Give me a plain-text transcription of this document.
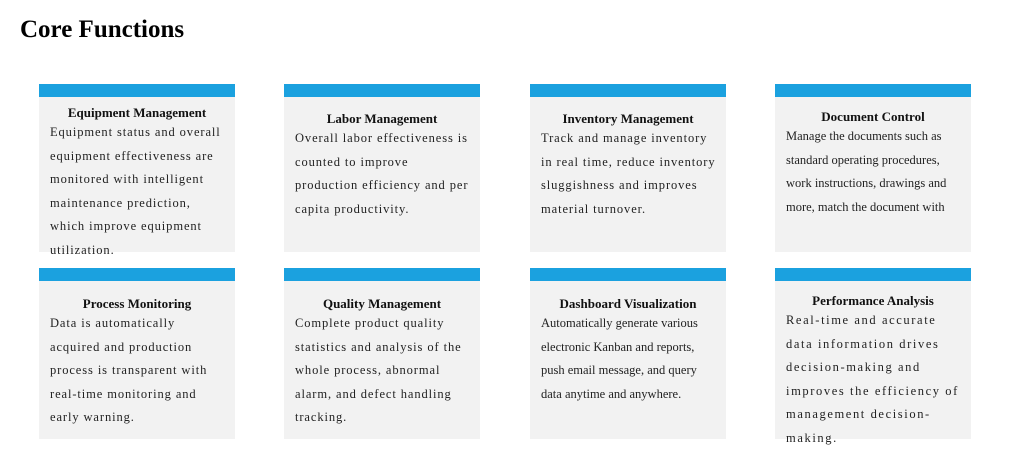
Core Functions
Equipment Management

Equipment status and overall equipment effectiveness are monitored with intelligent maintenance prediction, which improve equipment utilization.

Labor Management

Overall labor effectiveness is counted to improve production efficiency and per capita productivity.

Inventory Management

Track and manage inventory in real time, reduce inventory sluggishness and improves material turnover.

Document Control

Manage the documents such as standard operating procedures, work instructions, drawings and more, match the document with

Process Monitoring

Data is automatically acquired and production process is transparent with real-time monitoring and early warning.

Quality Management

Complete product quality statistics and analysis of the whole process, abnormal alarm, and defect handling tracking.

Dashboard Visualization

Automatically generate various electronic Kanban and reports, push email message, and query data anytime and anywhere.

Performance Analysis

Real-time and accurate data information drives decision-making and improves the efficiency of management decision-making.
